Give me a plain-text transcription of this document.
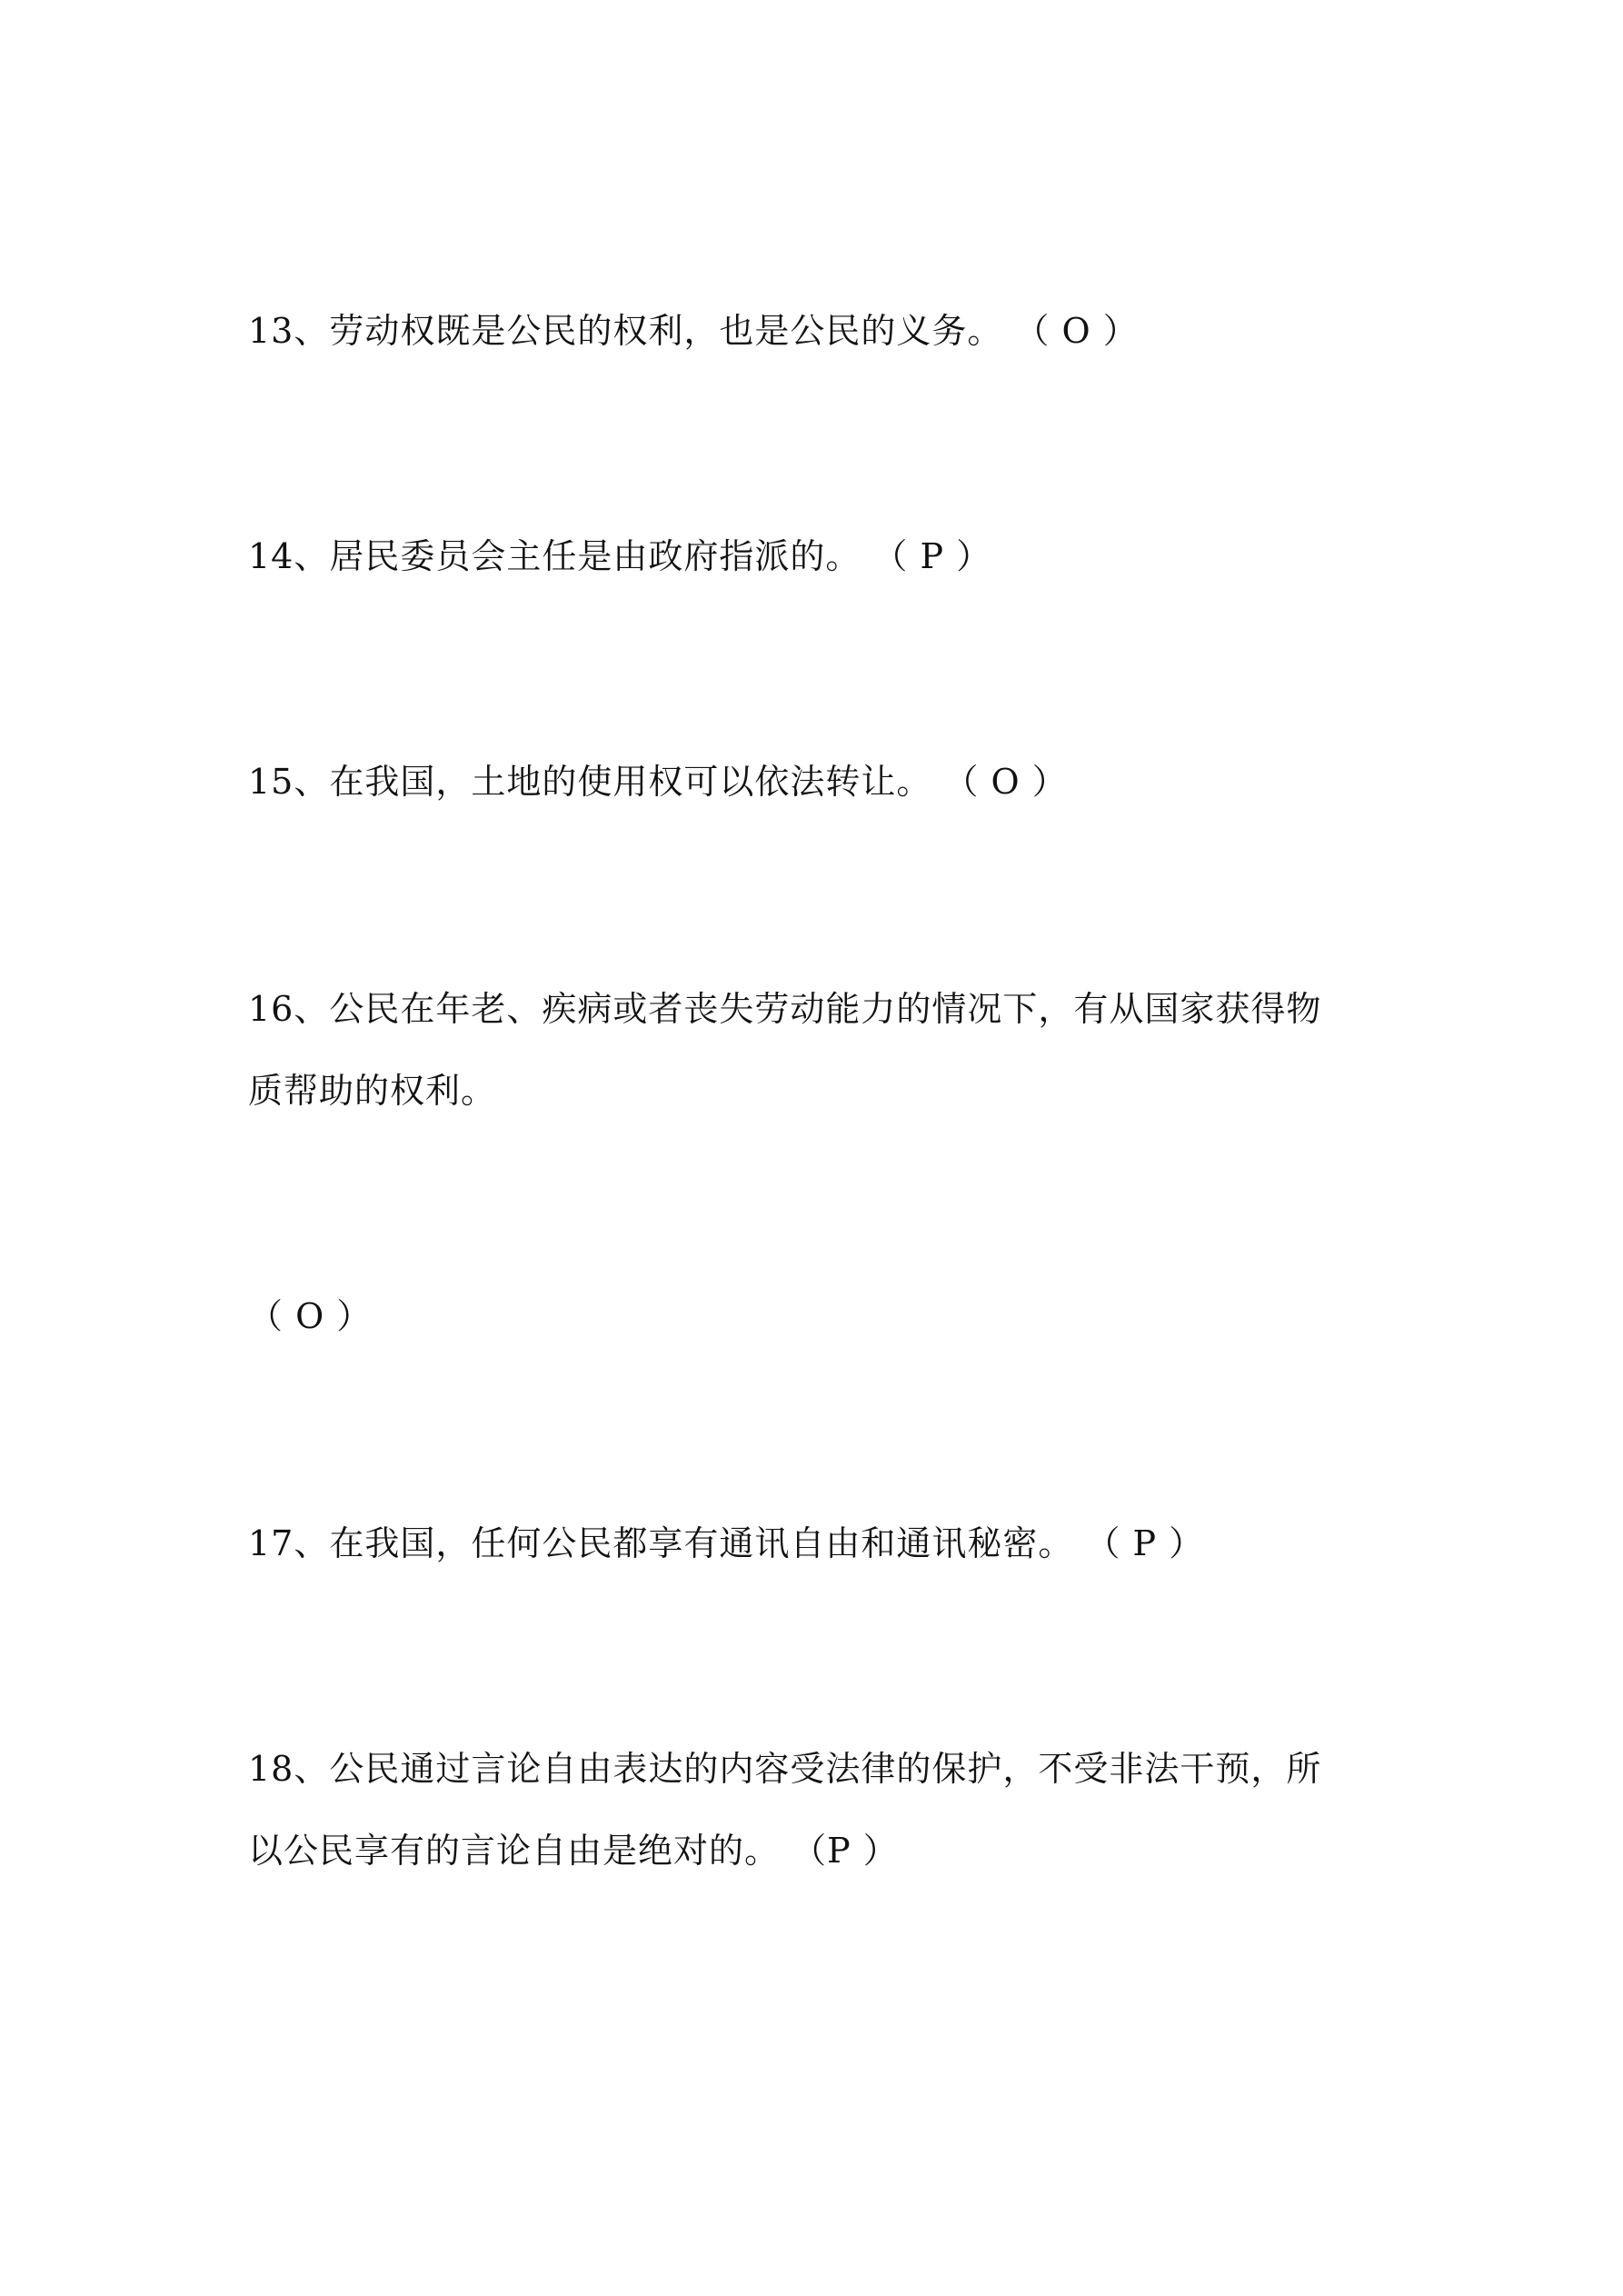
13、劳动权既是公民的权利，也是公民的义务。 （ O ）

14、居民委员会主任是由政府指派的。 （ P ）

15、在我国，土地的使用权可以依法转让。 （ O ）

16、公民在年老、疾病或者丧失劳动能力的情况下，有从国家获得物

质帮助的权利。

（ O ）

17、在我国，任何公民都享有通讯自由和通讯秘密。 （ P ）

18、公民通过言论自由表达的内容受法律的保护，不受非法干预，所

以公民享有的言论自由是绝对的。 （P ）
